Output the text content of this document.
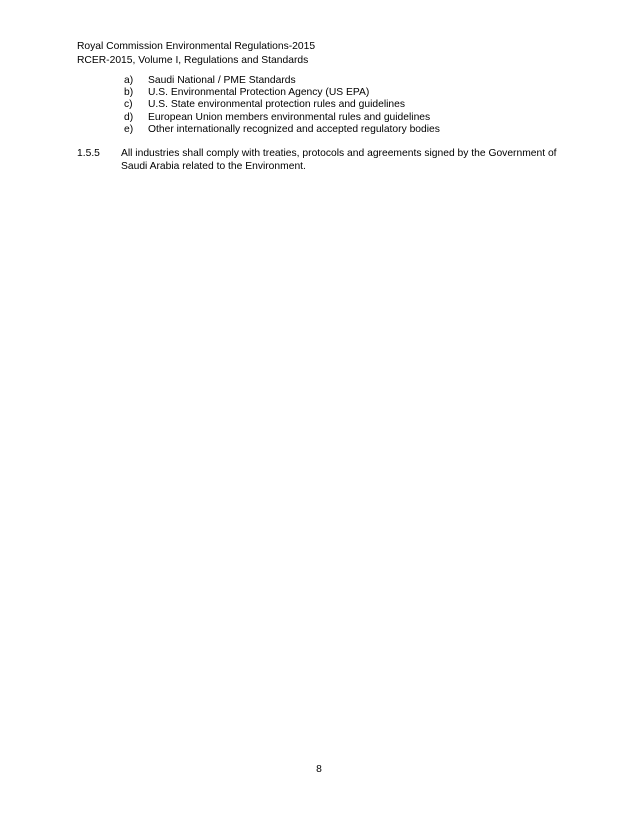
Royal Commission Environmental Regulations-2015
RCER-2015, Volume I, Regulations and Standards
a)	Saudi National / PME Standards
b)	U.S. Environmental Protection Agency (US EPA)
c)	U.S. State environmental protection rules and guidelines
d)	European Union members environmental rules and guidelines
e)	Other internationally recognized and accepted regulatory bodies
1.5.5	All industries shall comply with treaties, protocols and agreements signed by the Government of Saudi Arabia related to the Environment.
8
